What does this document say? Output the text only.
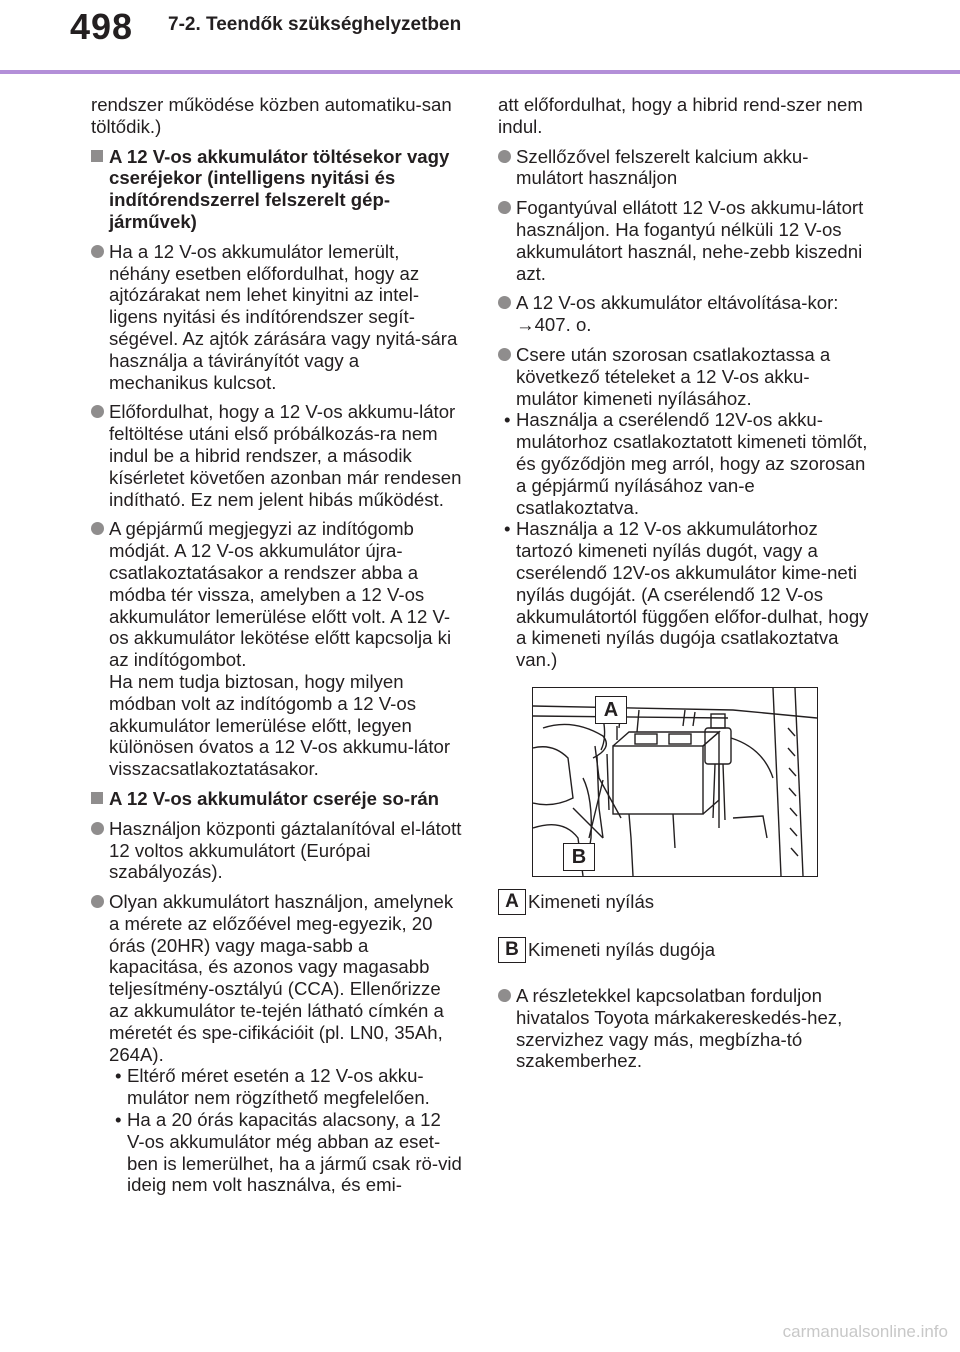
498 7-2. Teendők szükséghelyzetben

rendszer működése közben automatiku-san töltődik.)

A 12 V-os akkumulátor töltésekor vagy cseréjekor (intelligens nyitási és indítórendszerrel felszerelt gép-járművek)
Ha a 12 V-os akkumulátor lemerült, néhány esetben előfordulhat, hogy az ajtózárakat nem lehet kinyitni az intel-ligens nyitási és indítórendszer segít-ségével. Az ajtók zárására vagy nyitá-sára használja a távirányítót vagy a mechanikus kulcsot.
Előfordulhat, hogy a 12 V-os akkumu-látor feltöltése utáni első próbálkozás-ra nem indul be a hibrid rendszer, a második kísérletet követően azonban már rendesen indítható. Ez nem jelent hibás működést.
A gépjármű megjegyzi az indítógomb módját. A 12 V-os akkumulátor újra-csatlakoztatásakor a rendszer abba a módba tér vissza, amelyben a 12 V-os akkumulátor lemerülése előtt volt. A 12 V-os akkumulátor lekötése előtt kapcsolja ki az indítógombot.
Ha nem tudja biztosan, hogy milyen módban volt az indítógomb a 12 V-os akkumulátor lemerülése előtt, legyen különösen óvatos a 12 V-os akkumu-látor visszacsatlakoztatásakor.
A 12 V-os akkumulátor cseréje so-rán
Használjon központi gáztalanítóval el-látott 12 voltos akkumulátort (Európai szabályozás).
Olyan akkumulátort használjon, amelynek a mérete az előzőével meg-egyezik, 20 órás (20HR) vagy maga-sabb a kapacitása, és azonos vagy magasabb teljesítmény-osztályú (CCA). Ellenőrizze az akkumulátor te-tején látható címkén a méretét és spe-cifikációit (pl. LN0, 35Ah, 264A).
• Eltérő méret esetén a 12 V-os akku-mulátor nem rögzíthető megfelelően.
• Ha a 20 órás kapacitás alacsony, a 12 V-os akkumulátor még abban az eset-ben is lemerülhet, ha a jármű csak rö-vid ideig nem volt használva, és emi-

att előfordulhat, hogy a hibrid rend-szer nem indul.

Szellőzővel felszerelt kalcium akku-mulátort használjon
Fogantyúval ellátott 12 V-os akkumu-látort használjon. Ha fogantyú nélküli 12 V-os akkumulátort használ, nehe-zebb kiszedni azt.
A 12 V-os akkumulátor eltávolítása-kor: →407. o.
Csere után szorosan csatlakoztassa a következő tételeket a 12 V-os akku-mulátor kimeneti nyílásához.
• Használja a cserélendő 12V-os akku-mulátorhoz csatlakoztatott kimeneti tömlőt, és győződjön meg arról, hogy az szorosan a gépjármű nyílásához van-e csatlakoztatva.
• Használja a 12 V-os akkumulátorhoz tartozó kimeneti nyílás dugót, vagy a cserélendő 12V-os akkumulátor kime-neti nyílás dugóját. (A cserélendő 12 V-os akkumulátortól függően előfor-dulhat, hogy a kimeneti nyílás dugója csatlakoztatva van.)
A
B
A Kimeneti nyílás
B Kimeneti nyílás dugója
A részletekkel kapcsolatban forduljon hivatalos Toyota márkakereskedés-hez, szervizhez vagy más, megbízha-tó szakemberhez.
carmanualsonline.info
